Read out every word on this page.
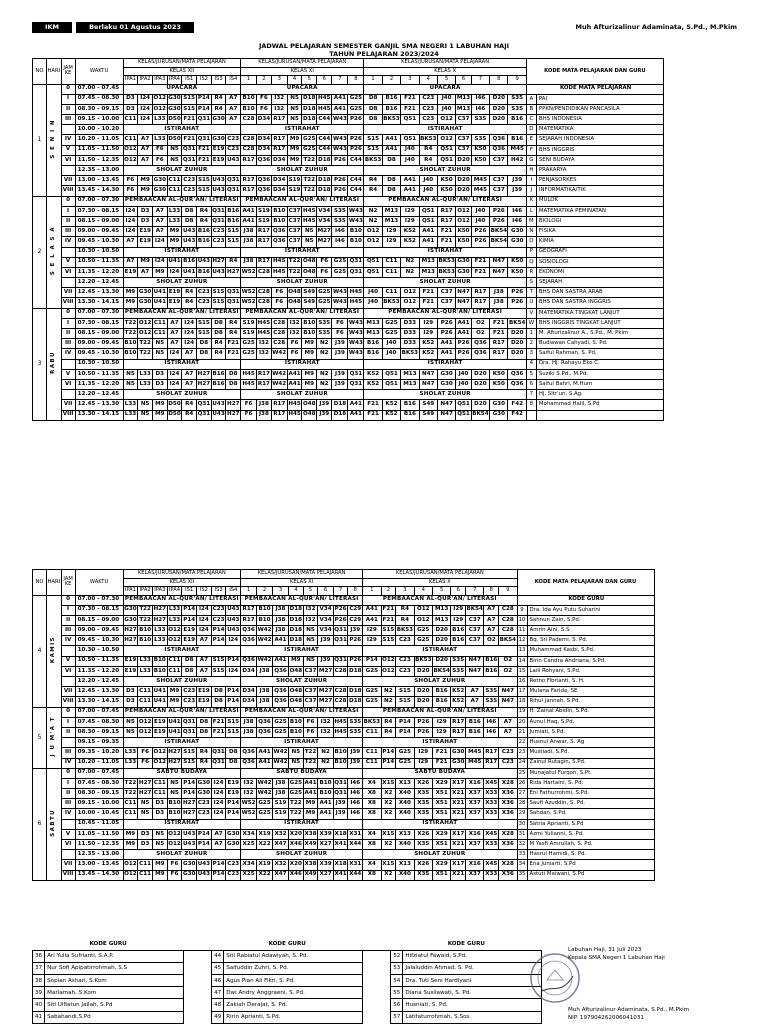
IKM	Berlaku 01 Agustus 2023	Muh Afturizalinur Adaminata, S.Pd., M.Pkim
JADWAL PELAJARAN SEMESTER GANJIL SMA NEGERI 1 LABUHAN HAJI
TAHUN PELAJARAN 2023/2024
NO	HARI	JAM
KE	WAKTU	KELAS/JURUSAN/MATA PELAJARAN								KELAS/JURUSAN/MATA PELAJARAN								KELAS/JURUSAN/MATA PELAJARAN									KODE MATA PELAJARAN DAN GURU	
				KELAS XII								KELAS XI								KELAS X										
				IPA1	IPA2	IPA3	IPA4	IS1	IS2	IS3	IS4	1	2	3	4	5	6	7	8	1	2	3	4	5	6	7	8	9		
1	S E N I N	0	07.00 - 07.45	UPACARA								UPACARA								UPACARA									KODE MATA PELAJARAN	
		I	07.45 - 08.30	D3	I24	O12	G30	S15	P14	R4	A7	B10	F6	I32	N5	D18	H45	A41	G25	D8	B16	F21	C23	J40	M13	I46	D20	S35	A	PAI
		II	08.30 - 09.15	D3	I24	O12	G30	S15	P14	R4	A7	B10	F6	I32	N5	D18	H45	A41	G25	D8	B16	F21	C23	J40	M13	I46	D20	S35	B	PPKN/PENDIDIKAN PANCASILA
		III	09.15 - 10.00	C11	I24	L33	D50	F21	Q31	G30	A7	C28	D34	R17	N5	D18	C44	W43	P26	D8	BK53	Q51	C23	O12	C37	S35	D20	B16	C	BHS INDONESIA
			10.00 - 10.20	ISTIRAHAT								ISTIRAHAT								ISTIRAHAT									D	MATEMATIKA
		IV	10.20 - 11.05	C11	A7	L33	D50	F21	Q31	G30	C23	C28	D34	R17	M9	G25	C44	W43	P26	S15	A41	Q51	BK53	O12	C37	S35	Q36	B16	E	SEJARAH INDONESIA
		V	11.05 - 11.50	O12	A7	F6	N5	Q31	F21	E19	C23	C28	D34	R17	M9	G25	C44	W43	P26	S15	A41	J40	R4	Q51	C37	K50	Q36	M45	F	BHS INGGRIS
		VI	11.50 - 12.35	O12	A7	F6	N5	Q31	F21	E19	U43	R17	Q36	D34	M9	T22	D18	P26	C44	BK53	D8	J40	R4	Q51	D20	K50	C37	H42	G	SENI BUDAYA
			12.35 - 13.00	SHOLAT ZUHUR								SHOLAT ZUHUR								SHOLAT ZUHUR									H	PRAKARYA
		VII	13.00 - 13.45	F6	M9	G30	C11	C23	S15	U43	Q31	R17	Q36	D34	S19	T22	D18	P26	C44	R4	D8	A41	J40	K50	D20	M45	C37	J39	I	PENJASORKES
		VIII	13.45 - 14.30	F6	M9	G30	C11	C23	S15	U43	Q31	R17	Q36	D34	S19	T22	D18	P26	C44	R4	D8	A41	J40	K50	D20	M45	C37	J39	J	INFORMATIKA/TIK
2	S E L A S A	0	07.00 - 07.30	PEMBAACAN AL-QUR'AN/ LITERASI								PEMBAACAN AL-QUR'AN/ LITERASI								PEMBAACAN AL-QUR'AN/ LITERASI									K	MULOK
		I	07.30 - 08.15	I24	D3	A7	L33	D8	R4	Q31	B16	A41	S19	B10	C37	H45	V34	S35	W43	N2	M13	I29	Q51	R17	O12	J40	P26	I46	L	MATEMATIKA PEMINATAN
		II	08.15 - 09.00	I24	D3	A7	L33	D8	R4	Q31	B16	A41	S19	B10	C37	H45	V34	S35	W43	N2	M13	I29	Q51	R17	O12	J40	P26	I46	M	BIOLOGI
		III	09.00 - 09.45	I24	E19	A7	M9	U43	B16	C23	S15	J38	R17	Q36	C37	N5	M27	I46	B10	O12	I29	K52	A41	F21	K50	P26	BK54	G30	N	FISIKA
		IV	09.45 - 10.30	A7	E19	I24	M9	U43	B16	C23	S15	J38	R17	Q36	C37	N5	M27	I46	B10	O12	I29	K52	A41	F21	K50	P26	BK54	G30	O	KIMIA
			10.30 - 10.50	ISTIRAHAT								ISTIRAHAT								ISTIRAHAT									P	GEOGRAFI
		V	10.50 - 11.35	A7	M9	I24	U41	B16	U43	H27	R4	J38	R17	H45	T22	O48	F6	G25	Q31	Q51	C11	N2	M13	BK53	G30	F21	N47	K50	Q	SOSIOLOGI
		VI	11.35 - 12.20	E19	A7	M9	I24	U41	B16	U43	H27	W52	C28	H45	T22	O48	F6	G25	Q31	Q51	C11	N2	M13	BK53	G30	F21	N47	K50	R	EKONOMI
			12.20 - 12.45	SHOLAT ZUHUR								SHOLAT ZUHUR								SHOLAT ZUHUR									S	SEJARAH
		VII	12.45 - 13.30	M9	G30	U41	E19	R4	C23	S15	Q31	W52	C28	F6	O48	S49	G25	W43	H45	J40	C11	O12	F21	C37	N47	R17	J38	P26	T	BHS DAN SASTRA ARAB
		VIII	13.30 - 14.15	M9	G30	U41	E19	R4	C23	S15	Q31	W52	C28	F6	O48	S49	G25	W43	H45	J40	BK53	O12	F21	C37	N47	R17	J38	P26	U	BHS DAN SASTRA INGGRIS
3	RABU	0	07.00 - 07.30	PEMBAACAN AL-QUR'AN/ LITERASI								PEMBAACAN AL-QUR'AN/ LITERASI								PEMBAACAN AL-QUR'AN/ LITERASI									V	MATEMATIKA TINGKAT LANJUT
		I	07.30 - 08.15	T22	O12	C11	A7	I24	S15	D8	R4	S19	H45	C28	I32	B10	S35	F6	W43	M13	G25	D33	I29	P26	A41	O2	F21	BK54	W	BHS INGGRIS TINGKAT LANJUT
		II	08.15 - 09.00	T22	O12	C11	A7	I24	S15	D8	R4	S19	H45	C28	I32	B10	S35	F6	W43	M13	G25	D33	I29	P26	A41	O2	F21	D20	1	M. Afturizalinur A., S.Pd., M. Pkim
		III	09.00 - 09.45	B10	T22	N5	A7	I24	D8	R4	F21	G25	I32	C28	F6	M9	N2	J39	W43	B16	J40	D33	K52	A41	P26	Q36	R17	D20	2	Budiawan Cahyadi, S. Pd.
		IV	09.45 - 10.30	B10	T22	N5	I24	A7	D8	R4	F21	G25	I32	W42	F6	M9	N2	J39	W43	B16	J40	BK53	K52	A41	P26	Q36	R17	D20	3	Saiful Rahman, S. Pd.
			10.30 - 10.50	ISTIRAHAT								ISTIRAHAT								ISTIRAHAT									4	Dra. Hj. Rahayu Eko C.
		V	10.50 - 11.35	N5	L33	D3	I24	A7	H27	B16	D8	H45	R17	W42	A41	M9	N2	J39	Q31	K52	Q51	M13	N47	G30	J40	D20	K50	Q36	5	Suziki S.Pd., M.Pd.
		VI	11.35 - 12.20	N5	L33	D3	I24	A7	H27	B16	D8	H45	R17	W42	A41	M9	N2	J39	Q31	K52	Q51	M13	N47	G30	J40	D20	K50	Q36	6	Saiful Bahri, M.Hum
			12.20 - 12.45	SHOLAT ZUHUR								SHOLAT ZUHUR								SHOLAT ZUHUR									7	Hj. Sitr'un, S.Ag.
		VII	12.45 - 13.30	L33	N5	M9	D50	R4	Q31	U43	H27	F6	J38	R17	H45	O48	J39	D18	A41	F21	K52	B16	S49	N47	Q51	D20	G30	F42	8	Mohammad Halil, S.Pd
		VIII	13.30 - 14.15	L33	N5	M9	D50	R4	Q31	U43	H27	F6	J38	R17	H45	O48	J39	D18	A41	F21	K52	B16	S49	N47	Q51	BK54	G30	F42		
NO	HARI	JAM
KE	WAKTU	KELAS/JURUSAN/MATA PELAJARAN								KELAS/JURUSAN/MATA PELAJARAN								KELAS/JURUSAN/MATA PELAJARAN									KODE MATA PELAJARAN DAN GURU	
				KELAS XII								KELAS XI								KELAS X										
				IPA1	IPA2	IPA3	IPA4	IS1	IS2	IS3	IS4	1	2	3	4	5	6	7	8	1	2	3	4	5	6	7	8	9		
4	KAMIS	0	07.00 - 07.30	PEMBAACAN AL-QUR'AN/ LITERASI								PEMBAACAN AL-QUR'AN/ LITERASI								PEMBAACAN AL-QUR'AN/ LITERASI									KODE GURU	
		I	07.30 - 08.15	G30	T22	H27	L33	P14	I24	C23	U43	R17	B10	J38	D18	I32	V34	P26	C29	A41	F21	R4	O12	M13	I29	BK54	A7	C28	9	Dra. Ida Ayu Putu Suharini
		II	08.15 - 09.00	G30	T22	H27	L33	P14	I24	C23	U43	R17	B10	J38	D18	I32	V34	P26	C29	A41	F21	R4	O12	M13	I29	C37	A7	C28	10	Sahnun Zain, S.Pd.
		III	09.00 - 09.45	H27	B10	L33	O12	E19	I24	P14	U43	Q36	W42	J38	D18	N5	V34	Q31	J39	I29	S15	BK53	G25	D20	B16	C37	A7	C28	11	Amrin Aini, S.S
		IV	09.45 - 10.30	H27	B10	L33	O12	E19	A7	P14	I24	Q36	W42	A41	D18	N5	J39	Q31	P26	I29	S15	C23	G25	D20	B16	C37	O2	BK54	12	Bq. Sri Pademi, S. Pd.
			10.30 - 10.50	ISTIRAHAT								ISTIRAHAT								ISTIRAHAT									13	Muhammad Kasbi, S.Pd.
		V	10.50 - 11.35	E19	L33	B10	C11	D8	A7	S15	P14	Q36	W42	A41	M9	N5	J39	Q31	P26	P14	O12	C23	BK53	D20	S35	N47	B16	O2	14	Birin Candra Andriana, S.Pd.
		VI	11.35 - 12.20	E19	L33	B10	C11	D8	A7	S15	I24	D34	J38	Q36	O48	C37	M27	C28	D18	G25	O12	C23	D20	BK54	S35	N47	B16	O2	15	Laili Rohyani, S.Pd.
			12.20 - 12.45	SHOLAT ZUHUR								SHOLAT ZUHUR								SHOLAT ZUHUR									16	Retno Fibrianti, S. H.
		VII	12.45 - 13.30	D3	C11	U41	M9	C23	E19	D8	P14	D34	J38	Q36	O48	C37	M27	C28	D18	G25	N2	S15	D20	B16	K52	A7	S35	N47	17	Mulana Farida, SE
		VIII	13.30 - 14.15	D3	C11	U41	M9	C23	E19	D8	P14	D34	J38	Q36	O48	C37	M27	C28	D18	G25	N2	S15	D20	B16	K52	A7	S35	N47	18	Rihul Jannah, S.Pd.
5	J U M'A T	0	07.00 - 07.45	PEMBAACAN AL-QUR'AN/ LITERASI								PEMBAACAN AL-QUR'AN/ LITERASI								PEMBAACAN AL-QUR'AN/ LITERASI									19	H. Zainal Abidin, S.Pd.
		I	07.45 - 08.30	N5	O12	E19	U41	Q31	D8	F21	S15	J38	Q36	G25	B10	F6	I32	H45	S35	BK53	R4	P14	P26	I29	R17	B16	I46	A7	20	Aunul Haq, S.Pd.
		II	08.30 - 09.15	N5	O12	E19	U41	Q31	D8	F21	S15	J38	Q36	G25	B10	F6	I32	H45	S35	C11	R4	P14	P26	I29	R17	B16	I46	A7	21	Jumiati, S.Pd.
			09.15 - 09.35	ISTIRAHAT								ISTIRAHAT								ISTIRAHAT									22	Husnul Anwar, S. Ag
		III	09.35 - 10.20	L33	F6	O12	H27	S15	R4	Q31	D8	Q36	A41	W42	N5	T22	N2	B10	J39	C11	P14	G25	I29	F21	G30	M45	R17	C23	23	Mustiadi, S.Pd.
		IV	10.20 - 11.05	L33	F6	O12	H27	S15	R4	Q31	D8	Q36	A41	W42	N5	T22	N2	B10	J39	C11	P14	G25	I29	F21	G30	M45	R17	C23	24	Zainul Rutagin, S.Pd.
6	SABTU	0	07.00 - 07.45	SABTU BUDAYA								SABTU BUDAYA								SABTU BUDAYA									25	Munajatul Furqon, S.Pt.
		I	07.45 - 08.30	T22	H27	C11	N5	P14	G30	I24	E19	I32	W42	J38	G25	A41	B10	Q31	I46	X4	X15	X13	X26	X29	X17	X16	X45	X28	26	Rida Hartaini, S. Pd.
		II	08.30 - 09.15	T22	H27	C11	N5	P14	G30	I24	E19	I32	W42	J38	G25	A41	B10	Q31	I46	X8	X2	X40	X35	X51	X21	X37	X33	X36	27	Eni Fathurrohmi, S.Pd.
		III	09.15 - 10.00	C11	N5	D3	B10	H27	C23	I24	P14	W52	G25	S19	T22	M9	A41	J39	I46	X8	X2	X40	X35	X51	X21	X37	X33	X36	28	Saufi Azuddin, S. Pd.
		IV	10.00 - 10.45	C11	N5	D3	B10	H27	C23	I24	P14	W52	G25	S19	T22	M9	A41	J39	I46	X8	X2	X40	X35	X51	X21	X37	X33	X36	29	Sahdan, S.Pd.
			10.45 - 11.05	ISTIRAHAT								ISTIRAHAT								ISTIRAHAT									30	Satria Aprianti, S.Pd
		V	11.05 - 11.50	M9	D3	N5	O12	U43	P14	A7	G30	X34	X19	X32	X20	X38	X39	X18	X31	X4	X15	X13	X26	X29	X17	X16	X45	X28	31	Azmi Yulianni, S. Pd.
		VI	11.50 - 12.35	M9	D3	N5	O12	U43	P14	A7	G30	X25	X22	X47	X46	X49	X27	X41	X44	X8	X2	X40	X35	X51	X21	X37	X33	X36	32	M Yasfi Amrullah, S. Pd.
			12.35 - 13.00	SHOLAT ZUHUR								SHOLAT ZUHUR								SHOLAT ZUHUR									33	Hasrul Hamidi, S. Pd.
		VII	13.00 - 13.45	O12	C11	M9	F6	G30	U43	P14	C23	X34	X19	X32	X20	X38	X39	X18	X31	X4	X15	X13	X26	X29	X17	X16	X45	X28	34	Ena Juniarti, S.Pd
		VIII	13.45 - 14.30	O12	C11	M9	F6	G30	U43	P14	C23	X25	X22	X47	X46	X49	X27	X41	X44	X8	X2	X40	X35	X51	X21	X37	X33	X36	35	Astuti Maiwani, S.Pd
KODE GURU			KODE GURU			KODE GURU	
36	Ari Yulia Sufrianti, S.A.P.		44	Siti Rabiatul Adawiyah, S. Pd.		52	Hifziatul Fawaid, S.Pd.
37	Nur Sofi Apipatirrohmah, S.S		45	Saifuddin Zuhri, S. Pd.		53	Jalaluddin Ahmad, S. Pd.
38	Sopian Ashari, S.Kom		46	Agus Pian Ali Fikri, S. Pd.		54	Dra. Tuti Seni Hardiyani
39	Marlamah, S.Kom		47	Dwi Andry Anggraeni, S. Pd.		55	Diana Susilawati, S. Pd.
40	Siti Ulfiatun Jailah, S.Pd		48	Zakiah Derajat, S. Pd.		56	Husniati, S. Pd.
41	Sabahandi,S.Pd		49	Ririn Aprianti, S.Pd.		57	Latifaturrohmah, S.Sos.
Labuhan Haji, 31 Juli 2023
Kepala SMA Negeri 1 Labuhan Haji
Muh Afturizalinur Adaminata, S.Pd., M.Pkim
NIP. 197904262006041031
